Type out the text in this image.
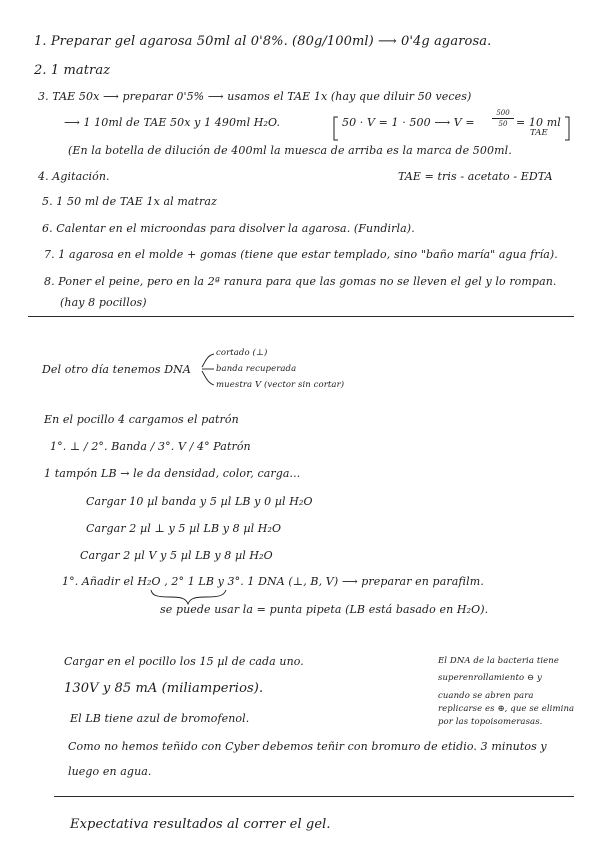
1. Preparar gel agarosa 50ml al 0'8%. (80g/100ml) ⟶ 0'4g agarosa.
2. 1 matraz
3. TAE 50x ⟶ preparar 0'5% ⟶ usamos el TAE 1x (hay que diluir 50 veces)
⟶ 1 10ml de TAE 50x y 1 490ml H₂O.	50 · V = 1 · 500 ⟶ V =
500
50 = 10 ml
TAE
(En la botella de dilución de 400ml la muesca de arriba es la marca de 500ml.
4. Agitación.	TAE = tris - acetato - EDTA
5. 1 50 ml de TAE 1x al matraz
6. Calentar en el microondas para disolver la agarosa. (Fundirla).
7. 1 agarosa en el molde + gomas (tiene que estar templado, sino "baño maría" agua fría).
8. Poner el peine, pero en la 2ª ranura para que las gomas no se lleven el gel y lo rompan.
(hay 8 pocillos)
Del otro día tenemos DNA
cortado (⊥)
banda recuperada
muestra V (vector sin cortar)
En el pocillo 4 cargamos el patrón
1°. ⊥ / 2°. Banda / 3°. V / 4° Patrón
1 tampón LB → le da densidad, color, carga...
Cargar 10 µl banda y 5 µl LB y 0 µl H₂O
Cargar 2 µl ⊥ y 5 µl LB y 8 µl H₂O
Cargar 2 µl V y 5 µl LB y 8 µl H₂O
1°. Añadir el H₂O , 2° 1 LB y 3°. 1 DNA (⊥, B, V) ⟶ preparar en parafilm.
se puede usar la = punta pipeta (LB está basado en H₂O).
Cargar en el pocillo los 15 µl de cada uno.
130V y 85 mA (miliamperios).
El LB tiene azul de bromofenol.
Como no hemos teñido con Cyber debemos teñir con bromuro de etidio. 3 minutos y
luego en agua.
El DNA de la bacteria tiene
superenrollamiento ⊖ y
cuando se abren para
replicarse es ⊕, que se elimina
por las topoisomerasas.
Expectativa resultados al correr el gel.
